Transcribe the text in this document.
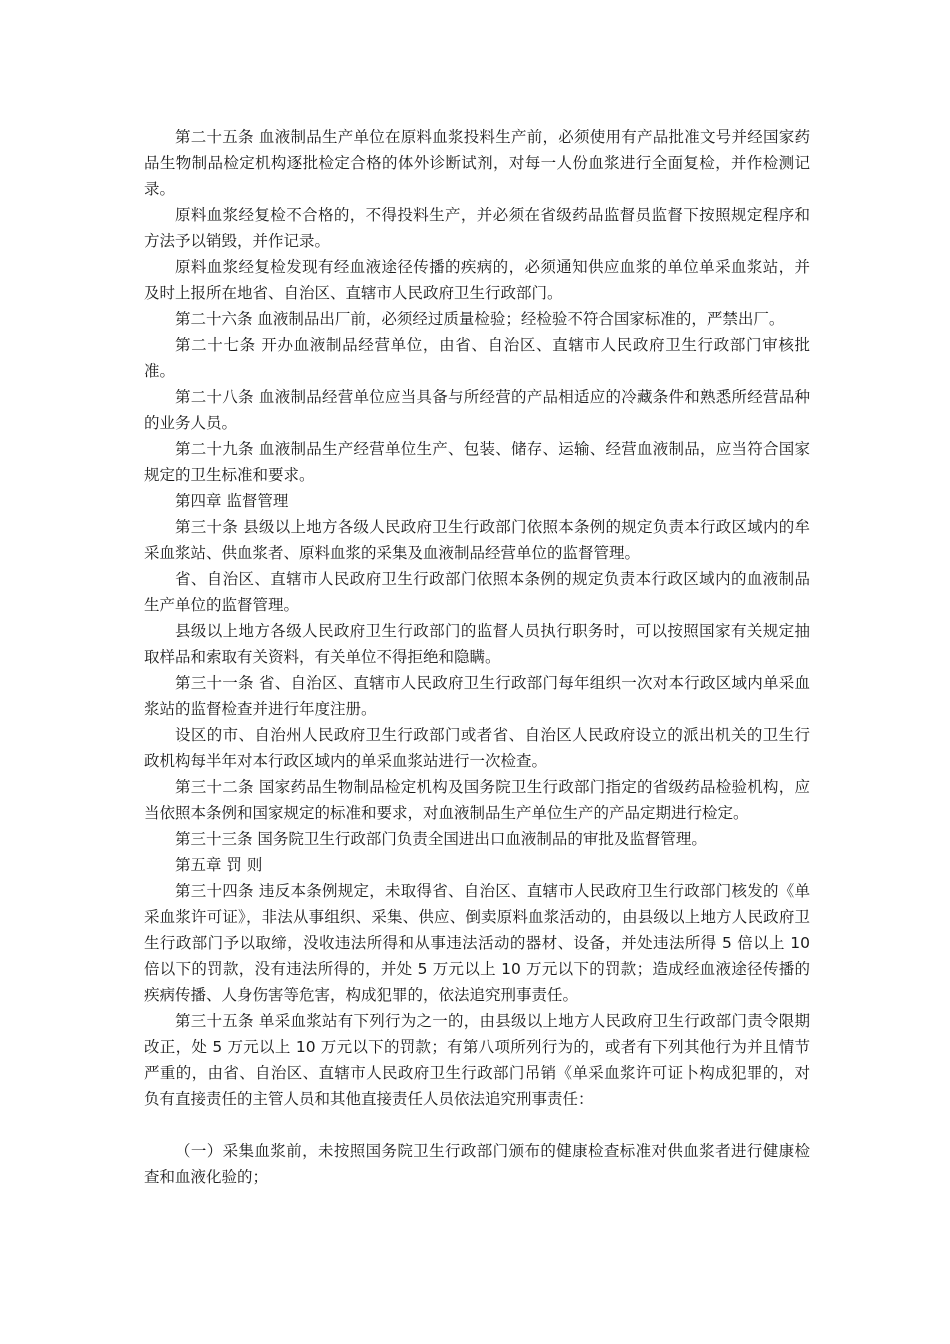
第二十五条 血液制品生产单位在原料血浆投料生产前，必须使用有产品批准文号并经国家药品生物制品检定机构逐批检定合格的体外诊断试剂，对每一人份血浆进行全面复检，并作检测记录。

原料血浆经复检不合格的，不得投料生产，并必须在省级药品监督员监督下按照规定程序和方法予以销毁，并作记录。

原料血浆经复检发现有经血液途径传播的疾病的，必须通知供应血浆的单位单采血浆站，并及时上报所在地省、自治区、直辖市人民政府卫生行政部门。

第二十六条 血液制品出厂前，必须经过质量检验；经检验不符合国家标准的，严禁出厂。

第二十七条 开办血液制品经营单位，由省、自治区、直辖市人民政府卫生行政部门审核批准。

第二十八条 血液制品经营单位应当具备与所经营的产品相适应的冷藏条件和熟悉所经营品种的业务人员。

第二十九条 血液制品生产经营单位生产、包装、储存、运输、经营血液制品，应当符合国家规定的卫生标准和要求。

第四章 监督管理

第三十条 县级以上地方各级人民政府卫生行政部门依照本条例的规定负责本行政区域内的牟采血浆站、供血浆者、原料血浆的采集及血液制品经营单位的监督管理。

省、自治区、直辖市人民政府卫生行政部门依照本条例的规定负责本行政区域内的血液制品生产单位的监督管理。

县级以上地方各级人民政府卫生行政部门的监督人员执行职务时，可以按照国家有关规定抽取样品和索取有关资料，有关单位不得拒绝和隐瞒。

第三十一条 省、自治区、直辖市人民政府卫生行政部门每年组织一次对本行政区域内单采血浆站的监督检查并进行年度注册。

设区的市、自治州人民政府卫生行政部门或者省、自治区人民政府设立的派出机关的卫生行政机构每半年对本行政区域内的单采血浆站进行一次检查。

第三十二条 国家药品生物制品检定机构及国务院卫生行政部门指定的省级药品检验机构，应当依照本条例和国家规定的标准和要求，对血液制品生产单位生产的产品定期进行检定。

第三十三条 国务院卫生行政部门负责全国进出口血液制品的审批及监督管理。

第五章 罚 则

第三十四条 违反本条例规定，未取得省、自治区、直辖市人民政府卫生行政部门核发的《单采血浆许可证》，非法从事组织、采集、供应、倒卖原料血浆活动的，由县级以上地方人民政府卫生行政部门予以取缔，没收违法所得和从事违法活动的器材、设备，并处违法所得 5 倍以上 10 倍以下的罚款，没有违法所得的，并处 5 万元以上 10 万元以下的罚款；造成经血液途径传播的疾病传播、人身伤害等危害，构成犯罪的，依法追究刑事责任。

第三十五条 单采血浆站有下列行为之一的，由县级以上地方人民政府卫生行政部门责令限期改正，处 5 万元以上 10 万元以下的罚款；有第八项所列行为的，或者有下列其他行为并且情节严重的，由省、自治区、直辖市人民政府卫生行政部门吊销《单采血浆许可证卜构成犯罪的，对负有直接责任的主管人员和其他直接责任人员依法追究刑事责任：

（一）采集血浆前，未按照国务院卫生行政部门颁布的健康检查标准对供血浆者进行健康检查和血液化验的；
